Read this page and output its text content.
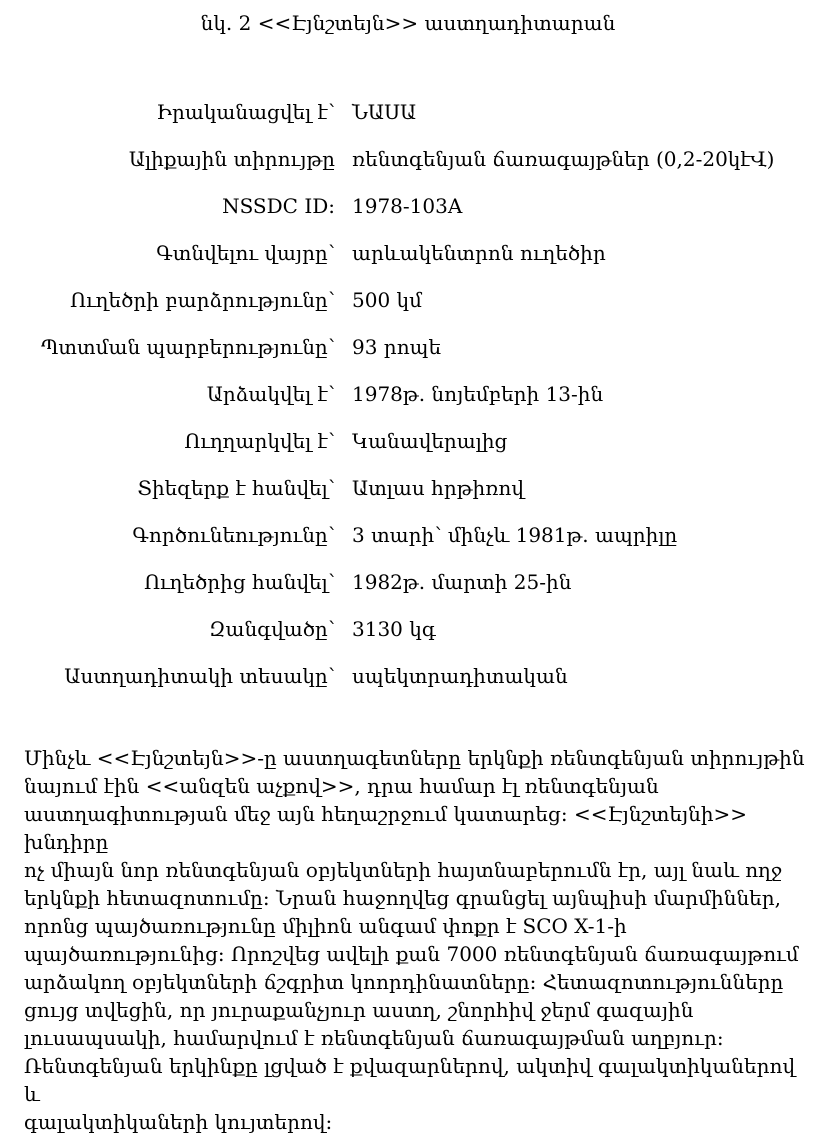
նկ. 2 <<Էյնշտեյն>> աստղադիտարան
Իրականացվել է՝ ՆԱՍԱ
Ալիքային տիրույթը ռենտգենյան ճառագայթներ (0,2-20կէՎ)
NSSDC ID: 1978-103A
Գտնվելու վայրը՝ արևակենտրոն ուղեծիր
Ուղեծրի բարձրությունը՝ 500 կմ
Պտտման պարբերությունը՝ 93 րոպե
Արձակվել է՝ 1978թ. նոյեմբերի 13-ին
Ուղղարկվել է՝ Կանավերալից
Տիեզերք է հանվել՝ Ատլաս հրթիռով
Գործունեությունը՝ 3 տարի՝ մինչև 1981թ. ապրիլը
Ուղեծրից հանվել՝ 1982թ. մարտի 25-ին
Զանգվածը՝ 3130 կգ
Աստղադիտակի տեսակը՝ սպեկտրադիտական

Մինչև <<Էյնշտեյն>>-ը աստղագետները երկնքի ռենտգենյան տիրույթին
նայում էին <<անզեն աչքով>>, դրա համար էլ ռենտգենյան
աստղագիտության մեջ այն հեղաշրջում կատարեց: <<Էյնշտեյնի>> խնդիրը
ոչ միայն նոր ռենտգենյան օբյեկտների հայտնաբերումն էր, այլ նաև ողջ
երկնքի հետազոտումը: Նրան հաջողվեց գրանցել այնպիսի մարմիններ,
որոնց պայծառությունը միլիոն անգամ փոքր է SCO X-1-ի
պայծառությունից: Որոշվեց ավելի քան 7000 ռենտգենյան ճառագայթում
արձակող օբյեկտների ճշգրիտ կոորդինատները: Հետազոտությունները
ցույց տվեցին, որ յուրաքանչյուր աստղ, շնորհիվ ջերմ գազային
լուսապսակի, համարվում է ռենտգենյան ճառագայթման աղբյուր:
Ռենտգենյան երկինքը լցված է քվազարներով, ակտիվ գալակտիկաներով և
գալակտիկաների կույտերով:
